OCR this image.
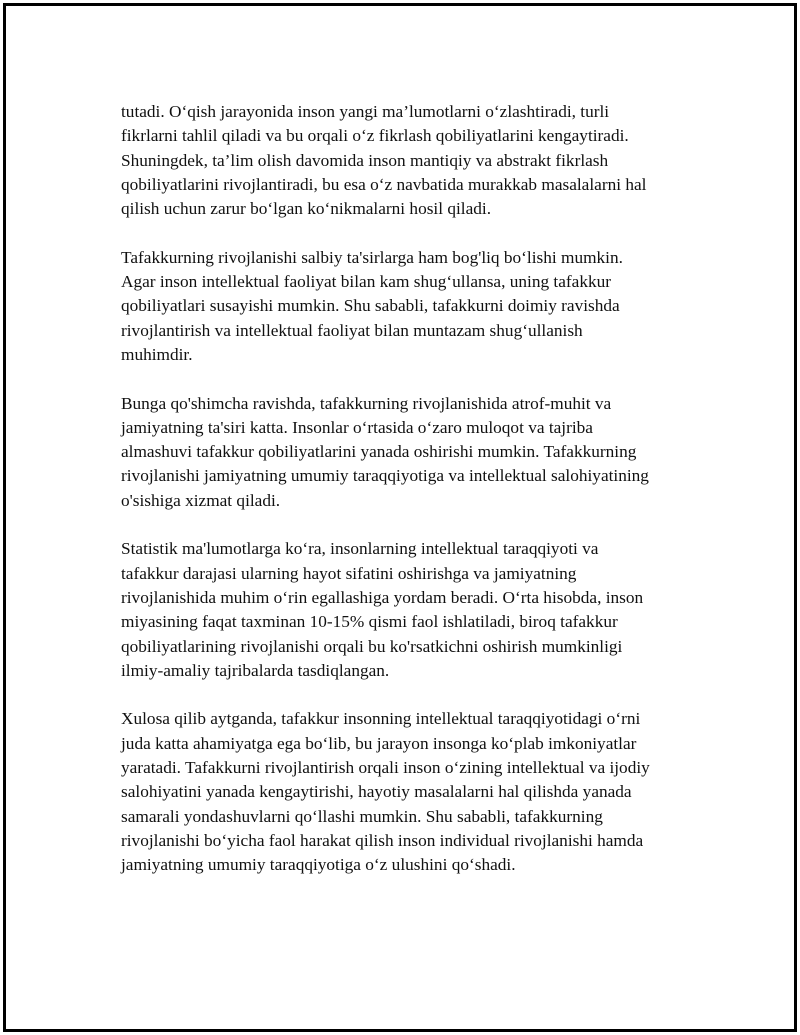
tutadi. O‘qish jarayonida inson yangi ma’lumotlarni o‘zlashtiradi, turli
fikrlarni tahlil qiladi va bu orqali o‘z fikrlash qobiliyatlarini kengaytiradi.
Shuningdek, ta’lim olish davomida inson mantiqiy va abstrakt fikrlash
qobiliyatlarini rivojlantiradi, bu esa o‘z navbatida murakkab masalalarni hal
qilish uchun zarur bo‘lgan ko‘nikmalarni hosil qiladi.

Tafakkurning rivojlanishi salbiy ta'sirlarga ham bog'liq bo‘lishi mumkin.
Agar inson intellektual faoliyat bilan kam shug‘ullansa, uning tafakkur
qobiliyatlari susayishi mumkin. Shu sababli, tafakkurni doimiy ravishda
rivojlantirish va intellektual faoliyat bilan muntazam shug‘ullanish
muhimdir.

Bunga qo'shimcha ravishda, tafakkurning rivojlanishida atrof-muhit va
jamiyatning ta'siri katta. Insonlar o‘rtasida o‘zaro muloqot va tajriba
almashuvi tafakkur qobiliyatlarini yanada oshirishi mumkin. Tafakkurning
rivojlanishi jamiyatning umumiy taraqqiyotiga va intellektual salohiyatining
o'sishiga xizmat qiladi.

Statistik ma'lumotlarga ko‘ra, insonlarning intellektual taraqqiyoti va
tafakkur darajasi ularning hayot sifatini oshirishga va jamiyatning
rivojlanishida muhim o‘rin egallashiga yordam beradi. O‘rta hisobda, inson
miyasining faqat taxminan 10-15% qismi faol ishlatiladi, biroq tafakkur
qobiliyatlarining rivojlanishi orqali bu ko'rsatkichni oshirish mumkinligi
ilmiy-amaliy tajribalarda tasdiqlangan.

Xulosa qilib aytganda, tafakkur insonning intellektual taraqqiyotidagi o‘rni
juda katta ahamiyatga ega bo‘lib, bu jarayon insonga ko‘plab imkoniyatlar
yaratadi. Tafakkurni rivojlantirish orqali inson o‘zining intellektual va ijodiy
salohiyatini yanada kengaytirishi, hayotiy masalalarni hal qilishda yanada
samarali yondashuvlarni qo‘llashi mumkin. Shu sababli, tafakkurning
rivojlanishi bo‘yicha faol harakat qilish inson individual rivojlanishi hamda
jamiyatning umumiy taraqqiyotiga o‘z ulushini qo‘shadi.
